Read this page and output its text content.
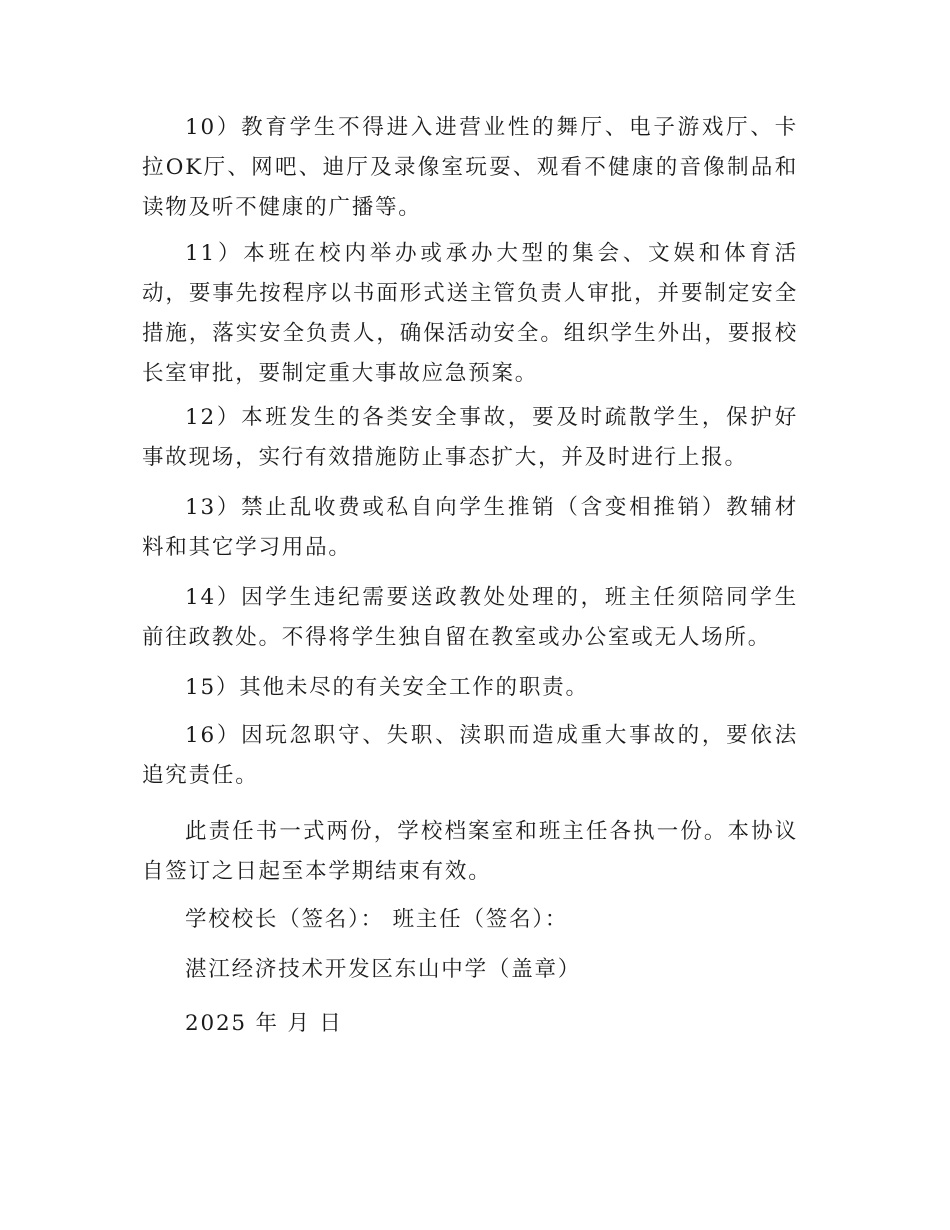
10）教育学生不得进入进营业性的舞厅、电子游戏厅、卡拉OK厅、网吧、迪厅及录像室玩耍、观看不健康的音像制品和读物及听不健康的广播等。

11）本班在校内举办或承办大型的集会、文娱和体育活动，要事先按程序以书面形式送主管负责人审批，并要制定安全措施，落实安全负责人，确保活动安全。组织学生外出，要报校长室审批，要制定重大事故应急预案。

12）本班发生的各类安全事故，要及时疏散学生，保护好事故现场，实行有效措施防止事态扩大，并及时进行上报。

13）禁止乱收费或私自向学生推销（含变相推销）教辅材料和其它学习用品。

14）因学生违纪需要送政教处处理的，班主任须陪同学生前往政教处。不得将学生独自留在教室或办公室或无人场所。

15）其他未尽的有关安全工作的职责。

16）因玩忽职守、失职、渎职而造成重大事故的，要依法追究责任。

此责任书一式两份，学校档案室和班主任各执一份。本协议自签订之日起至本学期结束有效。

学校校长（签名）： 班主任（签名）：

湛江经济技术开发区东山中学（盖章）

2025 年 月 日
